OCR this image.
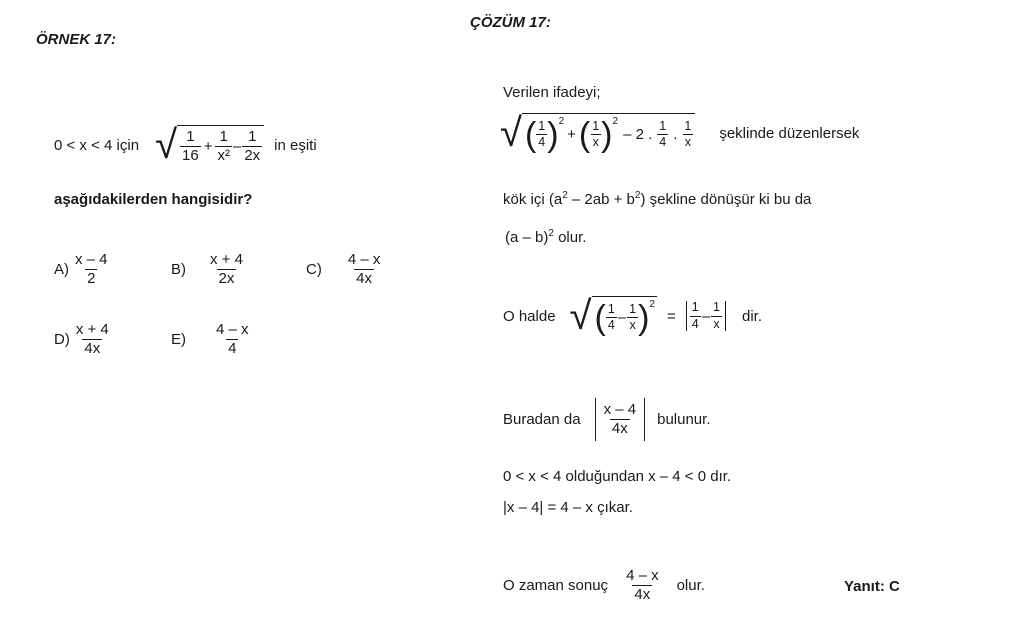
ÖRNEK 17:
0 < x < 4 için √ $\frac{1}{16} + \frac{1}{\text{x²}} - \frac{1}{2x}$ in eşiti
aşağıdakilerden hangisidir?
$A) \frac{x - 4}{2}$	$B) \frac{x + 4}{2x}$	$C) \frac{4 - x}{4x}$
$D) \frac{x + 4}{4x}$	$E) \frac{4 - x}{4}$
ÇÖZÜM 17:
Verilen ifadeyi;
√ ( $\frac{1}{4} )^2$
+ ( $\frac{1}{x} )^2$
– 2 . $\frac{1}{4}$ . $\frac{1}{x}$ şeklinde düzenlersek
kök içi $(a^2 - 2ab + b^2)$ şekline dönüşür ki bu da
(a – b)$^2$ olur.
O halde √ ( $\frac{1}{4} - \frac{1}{x} )^2$
= $\frac{1}{4} - \frac{1}{x}$ dir.
Buradan da $\frac{x - 4}{4x}$ bulunur.
0 < x < 4 olduğundan x – 4 < 0 dır.
|x – 4| = 4 – x çıkar.
O zaman sonuç $\frac{4 - x}{4x}$ olur.	Yanıt: C
